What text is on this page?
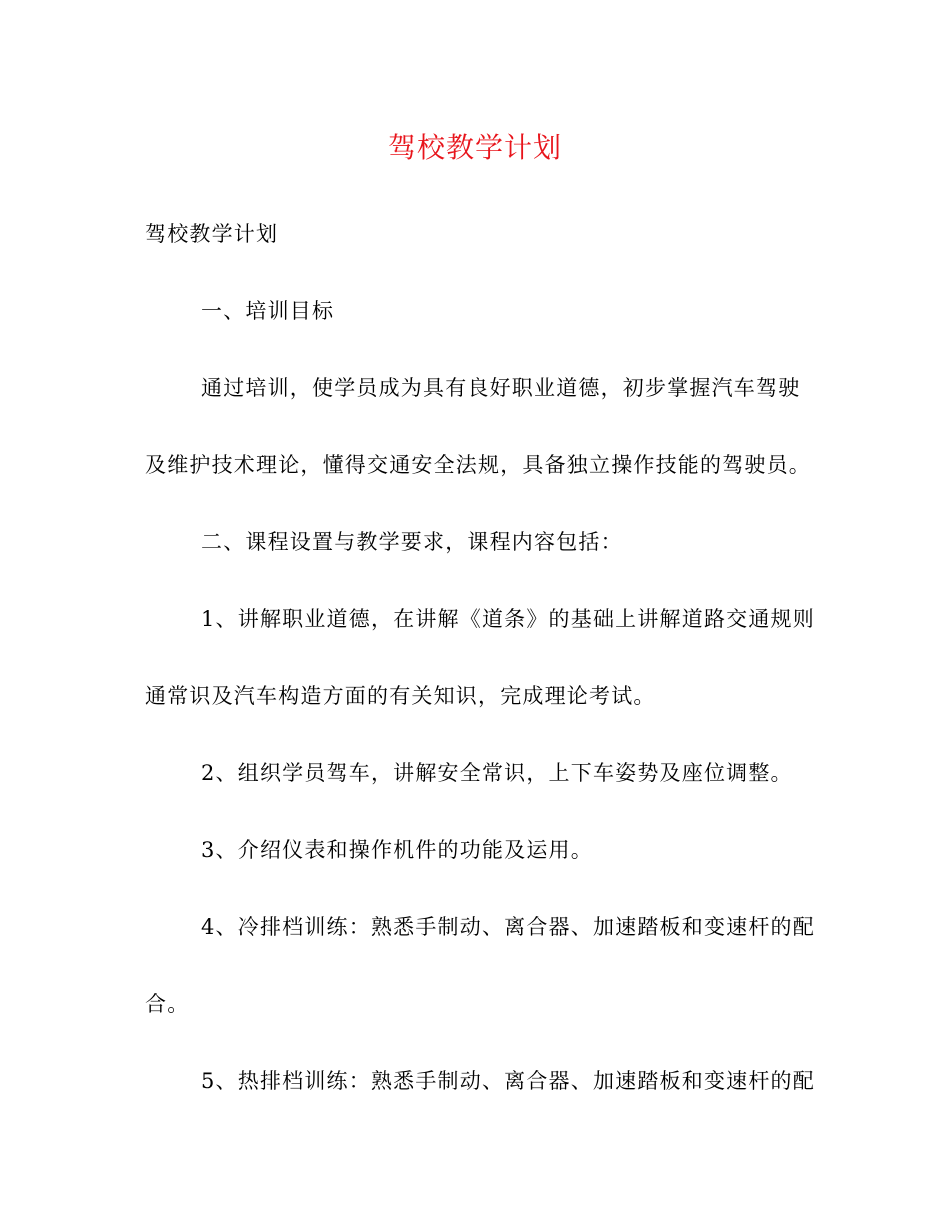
驾校教学计划

驾校教学计划

一、培训目标

通过培训，使学员成为具有良好职业道德，初步掌握汽车驾驶

及维护技术理论，懂得交通安全法规，具备独立操作技能的驾驶员。

二、课程设置与教学要求，课程内容包括：

1、讲解职业道德，在讲解《道条》的基础上讲解道路交通规则

通常识及汽车构造方面的有关知识，完成理论考试。

2、组织学员驾车，讲解安全常识，上下车姿势及座位调整。

3、介绍仪表和操作机件的功能及运用。

4、冷排档训练：熟悉手制动、离合器、加速踏板和变速杆的配

合。

5、热排档训练：熟悉手制动、离合器、加速踏板和变速杆的配
